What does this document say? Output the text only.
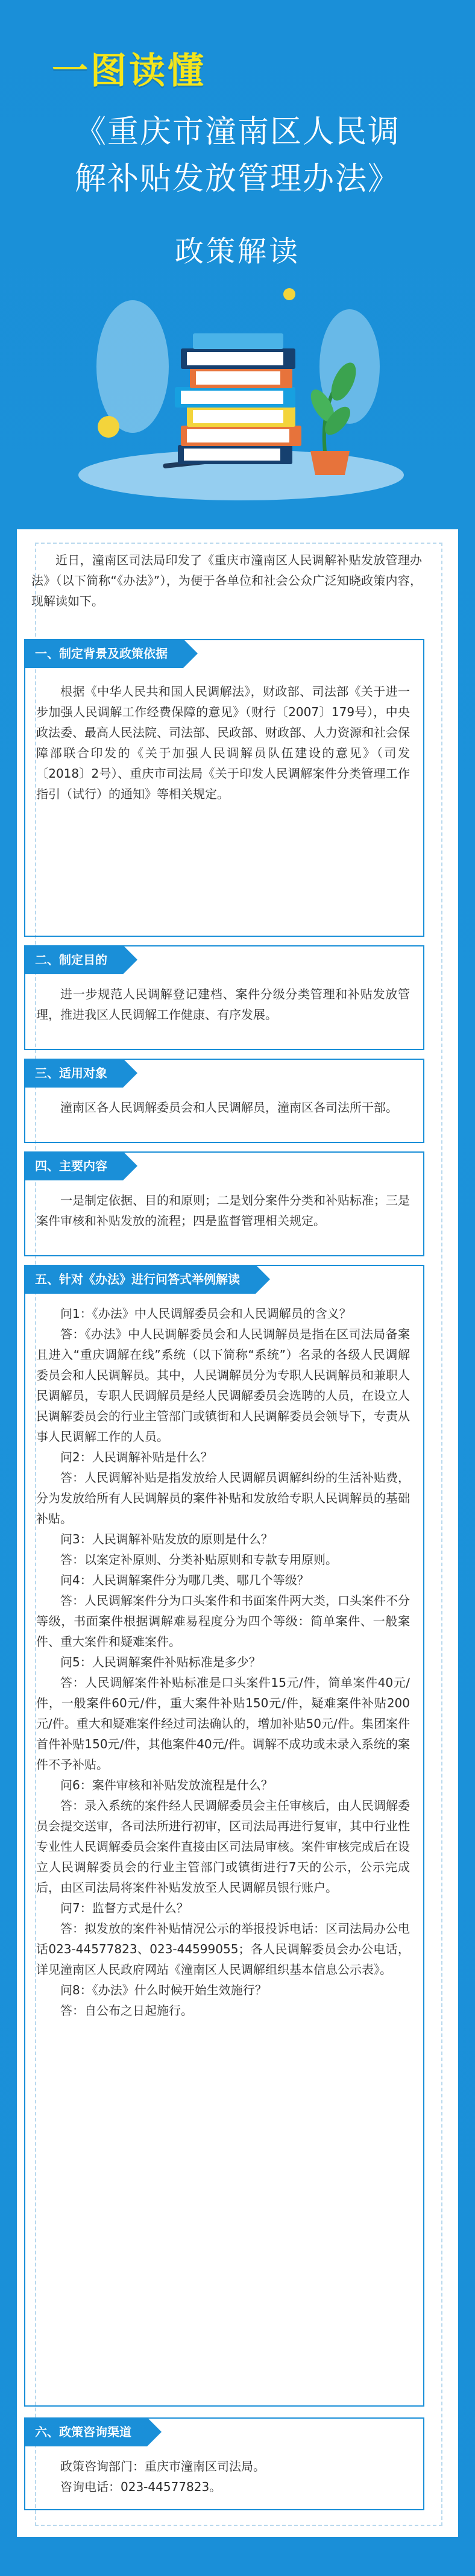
一图读懂
《重庆市潼南区人民调
解补贴发放管理办法》
政策解读
近日，潼南区司法局印发了《重庆市潼南区人民调解补贴发放管理办法》（以下简称“《办法》”），为便于各单位和社会公众广泛知晓政策内容，现解读如下。
一、制定背景及政策依据

根据《中华人民共和国人民调解法》，财政部、司法部《关于进一步加强人民调解工作经费保障的意见》（财行〔2007〕179号），中央政法委、最高人民法院、司法部、民政部、财政部、人力资源和社会保障部联合印发的《关于加强人民调解员队伍建设的意见》（司发〔2018〕2号）、重庆市司法局《关于印发人民调解案件分类管理工作指引（试行）的通知》等相关规定。

二、制定目的

进一步规范人民调解登记建档、案件分级分类管理和补贴发放管理，推进我区人民调解工作健康、有序发展。

三、适用对象

潼南区各人民调解委员会和人民调解员，潼南区各司法所干部。

四、主要内容

一是制定依据、目的和原则；二是划分案件分类和补贴标准；三是案件审核和补贴发放的流程；四是监督管理相关规定。

五、针对《办法》进行问答式举例解读

问1：《办法》中人民调解委员会和人民调解员的含义？

答：《办法》中人民调解委员会和人民调解员是指在区司法局备案且进入“重庆调解在线”系统（以下简称“系统”）名录的各级人民调解委员会和人民调解员。其中，人民调解员分为专职人民调解员和兼职人民调解员，专职人民调解员是经人民调解委员会选聘的人员，在设立人民调解委员会的行业主管部门或镇街和人民调解委员会领导下，专责从事人民调解工作的人员。

问2：人民调解补贴是什么？

答：人民调解补贴是指发放给人民调解员调解纠纷的生活补贴费，分为发放给所有人民调解员的案件补贴和发放给专职人民调解员的基础补贴。

问3：人民调解补贴发放的原则是什么？

答：以案定补原则、分类补贴原则和专款专用原则。

问4：人民调解案件分为哪几类、哪几个等级？

答：人民调解案件分为口头案件和书面案件两大类，口头案件不分等级，书面案件根据调解难易程度分为四个等级：简单案件、一般案件、重大案件和疑难案件。

问5：人民调解案件补贴标准是多少？

答：人民调解案件补贴标准是口头案件15元/件，简单案件40元/件，一般案件60元/件，重大案件补贴150元/件，疑难案件补贴200元/件。重大和疑难案件经过司法确认的，增加补贴50元/件。集团案件首件补贴150元/件，其他案件40元/件。调解不成功或未录入系统的案件不予补贴。

问6：案件审核和补贴发放流程是什么？

答：录入系统的案件经人民调解委员会主任审核后，由人民调解委员会提交送审，各司法所进行初审，区司法局再进行复审，其中行业性专业性人民调解委员会案件直接由区司法局审核。案件审核完成后在设立人民调解委员会的行业主管部门或镇街进行7天的公示，公示完成后，由区司法局将案件补贴发放至人民调解员银行账户。

问7：监督方式是什么？

答：拟发放的案件补贴情况公示的举报投诉电话：区司法局办公电话023-44577823、023-44599055；各人民调解委员会办公电话，详见潼南区人民政府网站《潼南区人民调解组织基本信息公示表》。

问8：《办法》什么时候开始生效施行？

答：自公布之日起施行。

六、政策咨询渠道

政策咨询部门：重庆市潼南区司法局。

咨询电话：023-44577823。
